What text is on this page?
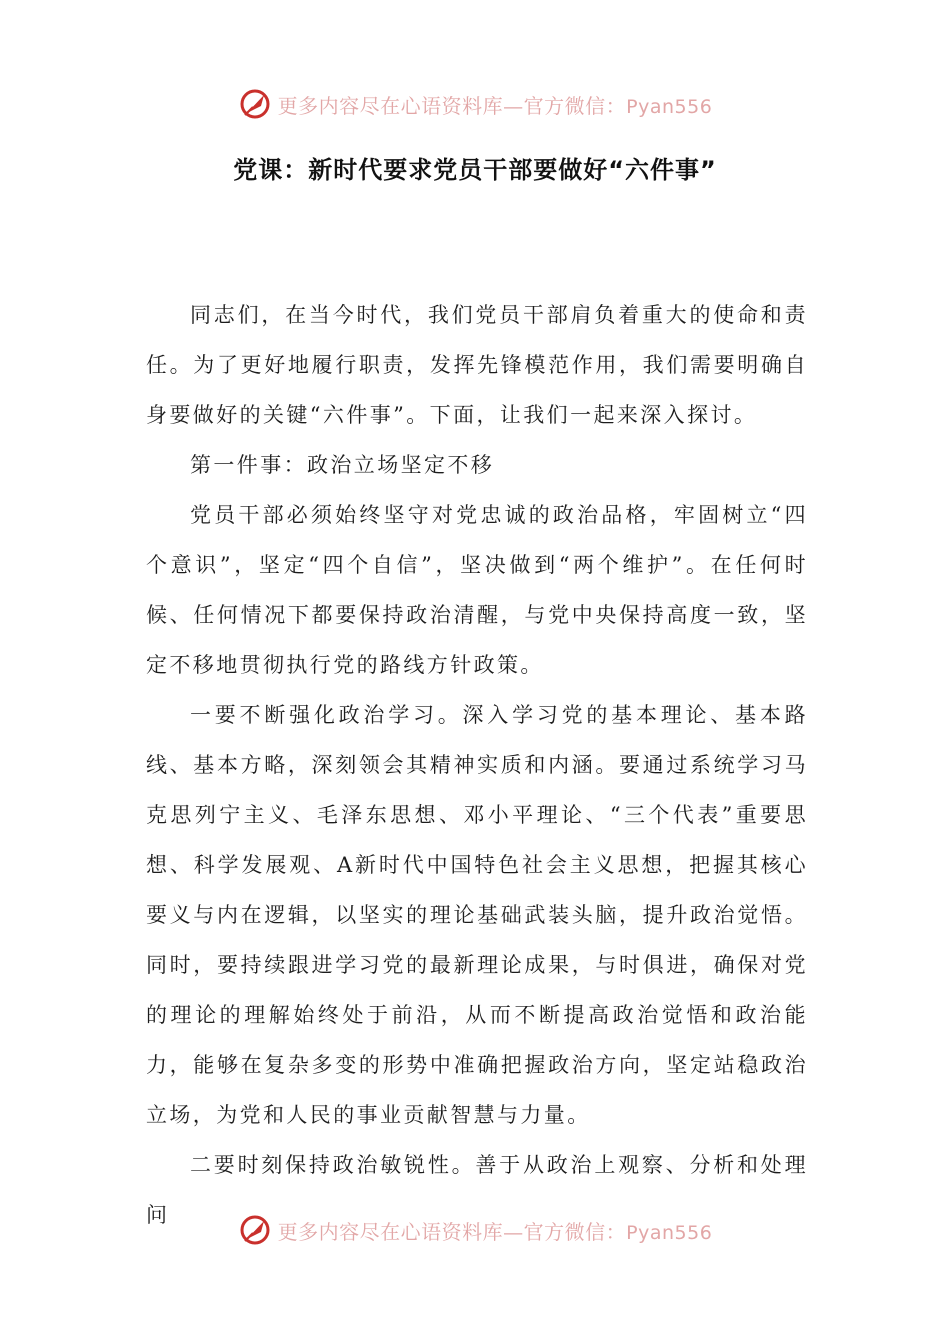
更多内容尽在心语资料库—官方微信：Pyan556
党课：新时代要求党员干部要做好“六件事”

同志们，在当今时代，我们党员干部肩负着重大的使命和责任。为了更好地履行职责，发挥先锋模范作用，我们需要明确自身要做好的关键“六件事”。下面，让我们一起来深入探讨。

第一件事：政治立场坚定不移

党员干部必须始终坚守对党忠诚的政治品格，牢固树立“四个意识”，坚定“四个自信”，坚决做到“两个维护”。在任何时候、任何情况下都要保持政治清醒，与党中央保持高度一致，坚定不移地贯彻执行党的路线方针政策。

一要不断强化政治学习。深入学习党的基本理论、基本路线、基本方略，深刻领会其精神实质和内涵。要通过系统学习马克思列宁主义、毛泽东思想、邓小平理论、“三个代表”重要思想、科学发展观、A新时代中国特色社会主义思想，把握其核心要义与内在逻辑，以坚实的理论基础武装头脑，提升政治觉悟。同时，要持续跟进学习党的最新理论成果，与时俱进，确保对党的理论的理解始终处于前沿，从而不断提高政治觉悟和政治能力，能够在复杂多变的形势中准确把握政治方向，坚定站稳政治立场，为党和人民的事业贡献智慧与力量。

二要时刻保持政治敏锐性。善于从政治上观察、分析和处理问

更多内容尽在心语资料库—官方微信：Pyan556
